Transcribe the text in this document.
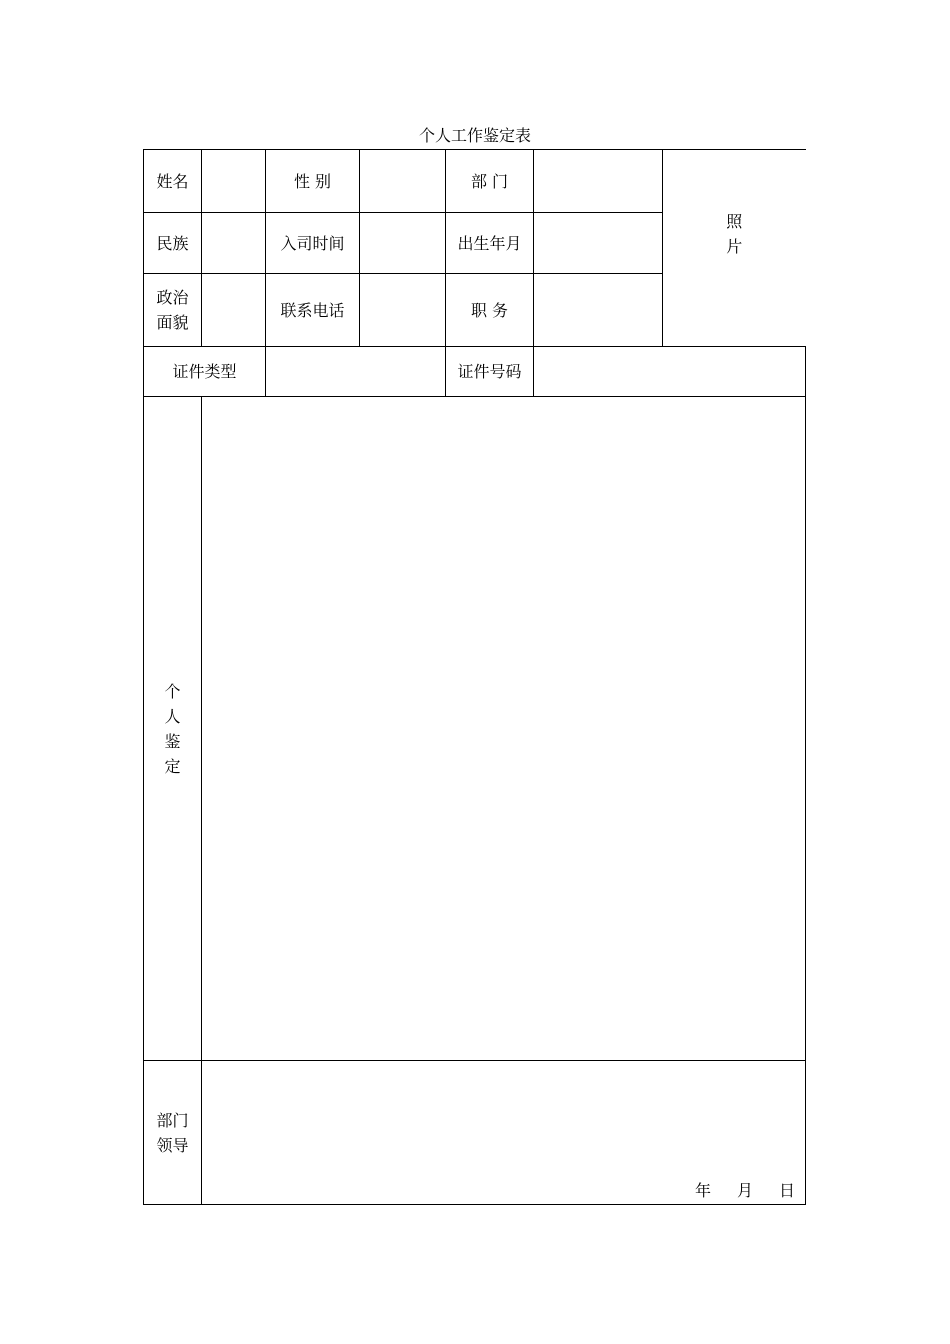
个人工作鉴定表
姓名		性 别		部 门		照片
民族		入司时间		出生年月		
政治面貌		联系电话		职 务		
证件类型				证件号码		
个人鉴定						
部门领导	年 月 日					
